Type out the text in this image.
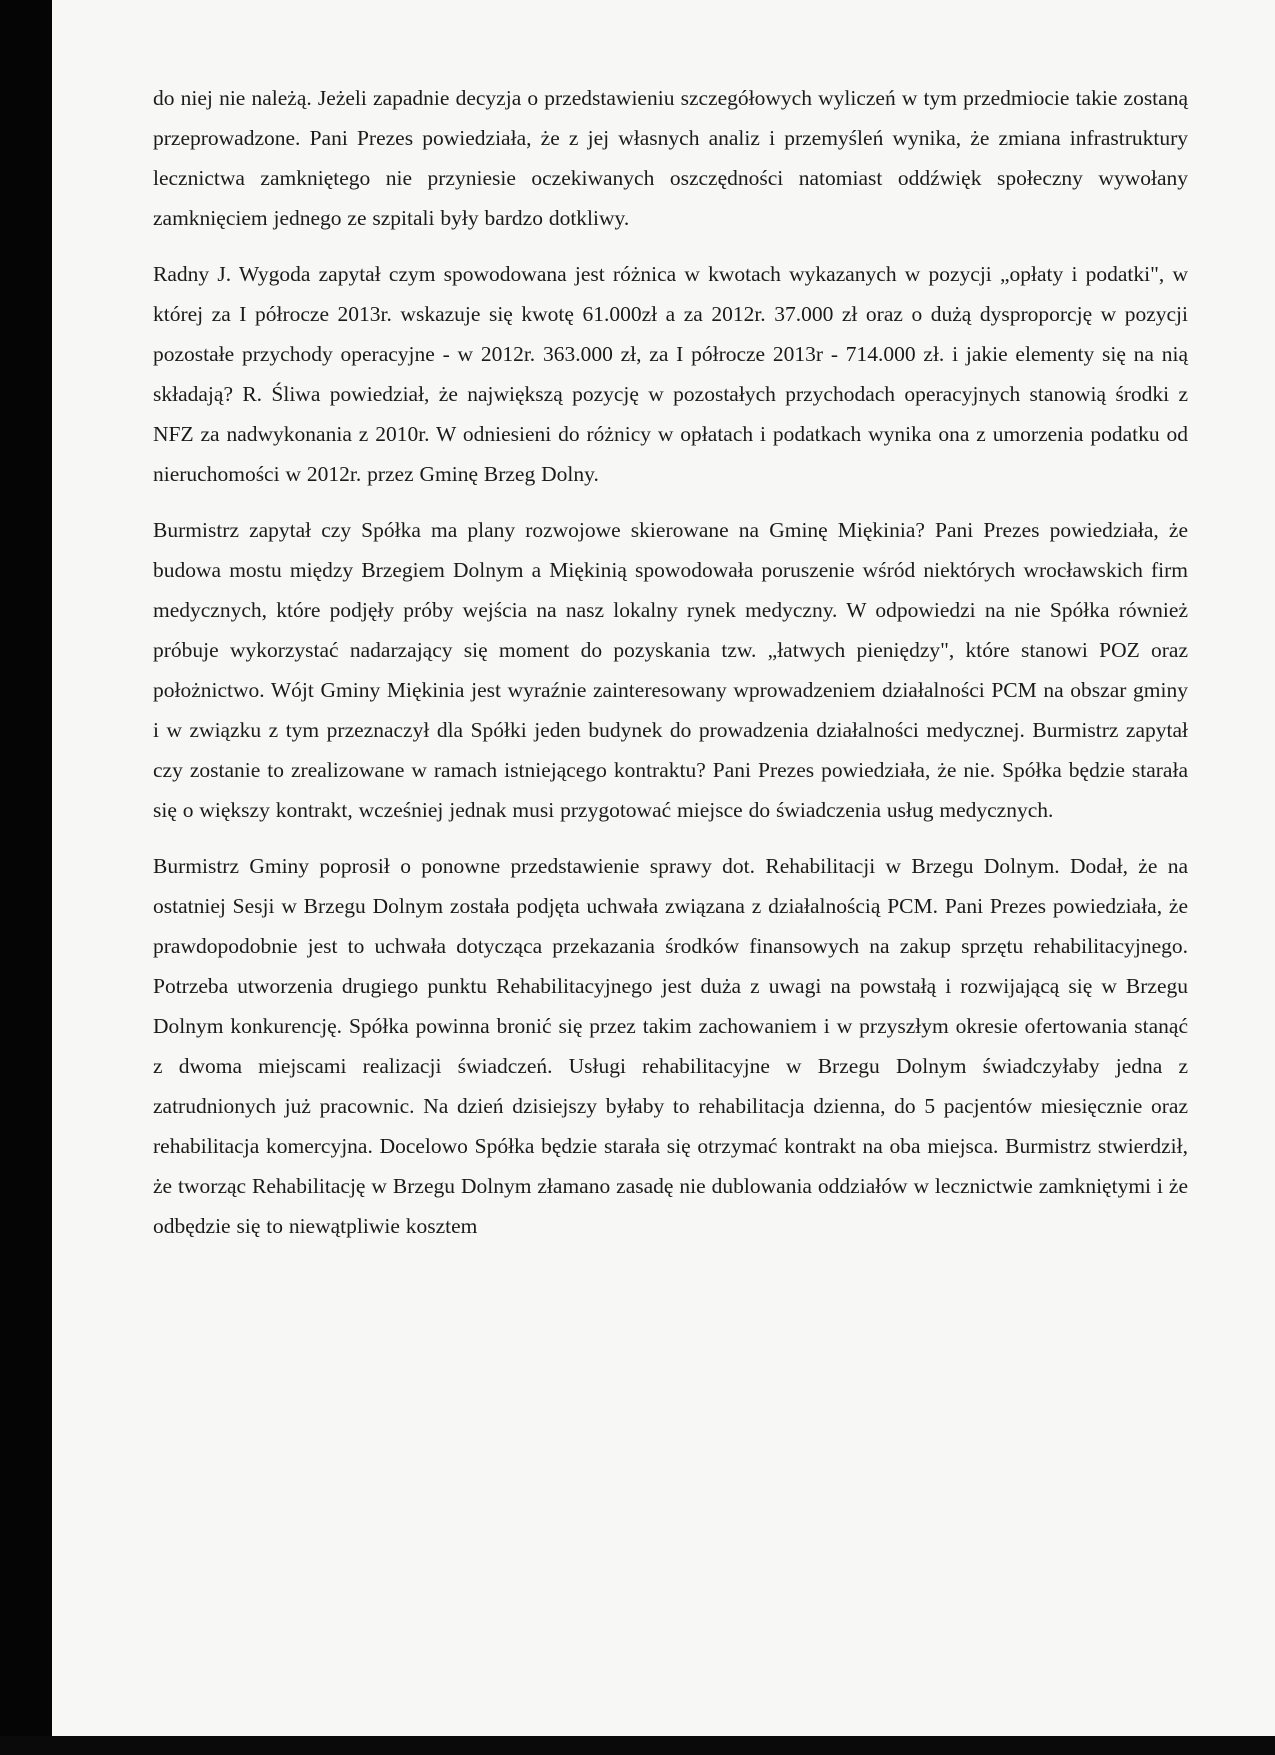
do niej nie należą. Jeżeli zapadnie decyzja o przedstawieniu szczegółowych wyliczeń w tym przedmiocie takie zostaną przeprowadzone. Pani Prezes powiedziała, że z jej własnych analiz i przemyśleń wynika, że zmiana infrastruktury lecznictwa zamkniętego nie przyniesie oczekiwanych oszczędności natomiast oddźwięk społeczny wywołany zamknięciem jednego ze szpitali były bardzo dotkliwy.

Radny J. Wygoda zapytał czym spowodowana jest różnica w kwotach wykazanych w pozycji „opłaty i podatki", w której za I półrocze 2013r. wskazuje się kwotę 61.000zł a za 2012r. 37.000 zł oraz o dużą dysproporcję w pozycji pozostałe przychody operacyjne - w 2012r. 363.000 zł, za I półrocze 2013r - 714.000 zł. i jakie elementy się na nią składają? R. Śliwa powiedział, że największą pozycję w pozostałych przychodach operacyjnych stanowią środki z NFZ za nadwykonania z 2010r. W odniesieni do różnicy w opłatach i podatkach wynika ona z umorzenia podatku od nieruchomości w 2012r. przez Gminę Brzeg Dolny.

Burmistrz zapytał czy Spółka ma plany rozwojowe skierowane na Gminę Miękinia? Pani Prezes powiedziała, że budowa mostu między Brzegiem Dolnym a Miękinią spowodowała poruszenie wśród niektórych wrocławskich firm medycznych, które podjęły próby wejścia na nasz lokalny rynek medyczny. W odpowiedzi na nie Spółka również próbuje wykorzystać nadarzający się moment do pozyskania tzw. „łatwych pieniędzy", które stanowi POZ oraz położnictwo. Wójt Gminy Miękinia jest wyraźnie zainteresowany wprowadzeniem działalności PCM na obszar gminy i w związku z tym przeznaczył dla Spółki jeden budynek do prowadzenia działalności medycznej. Burmistrz zapytał czy zostanie to zrealizowane w ramach istniejącego kontraktu? Pani Prezes powiedziała, że nie. Spółka będzie starała się o większy kontrakt, wcześniej jednak musi przygotować miejsce do świadczenia usług medycznych.

Burmistrz Gminy poprosił o ponowne przedstawienie sprawy dot. Rehabilitacji w Brzegu Dolnym. Dodał, że na ostatniej Sesji w Brzegu Dolnym została podjęta uchwała związana z działalnością PCM. Pani Prezes powiedziała, że prawdopodobnie jest to uchwała dotycząca przekazania środków finansowych na zakup sprzętu rehabilitacyjnego. Potrzeba utworzenia drugiego punktu Rehabilitacyjnego jest duża z uwagi na powstałą i rozwijającą się w Brzegu Dolnym konkurencję. Spółka powinna bronić się przez takim zachowaniem i w przyszłym okresie ofertowania stanąć z dwoma miejscami realizacji świadczeń. Usługi rehabilitacyjne w Brzegu Dolnym świadczyłaby jedna z zatrudnionych już pracownic. Na dzień dzisiejszy byłaby to rehabilitacja dzienna, do 5 pacjentów miesięcznie oraz rehabilitacja komercyjna. Docelowo Spółka będzie starała się otrzymać kontrakt na oba miejsca. Burmistrz stwierdził, że tworząc Rehabilitację w Brzegu Dolnym złamano zasadę nie dublowania oddziałów w lecznictwie zamkniętymi i że odbędzie się to niewątpliwie kosztem
